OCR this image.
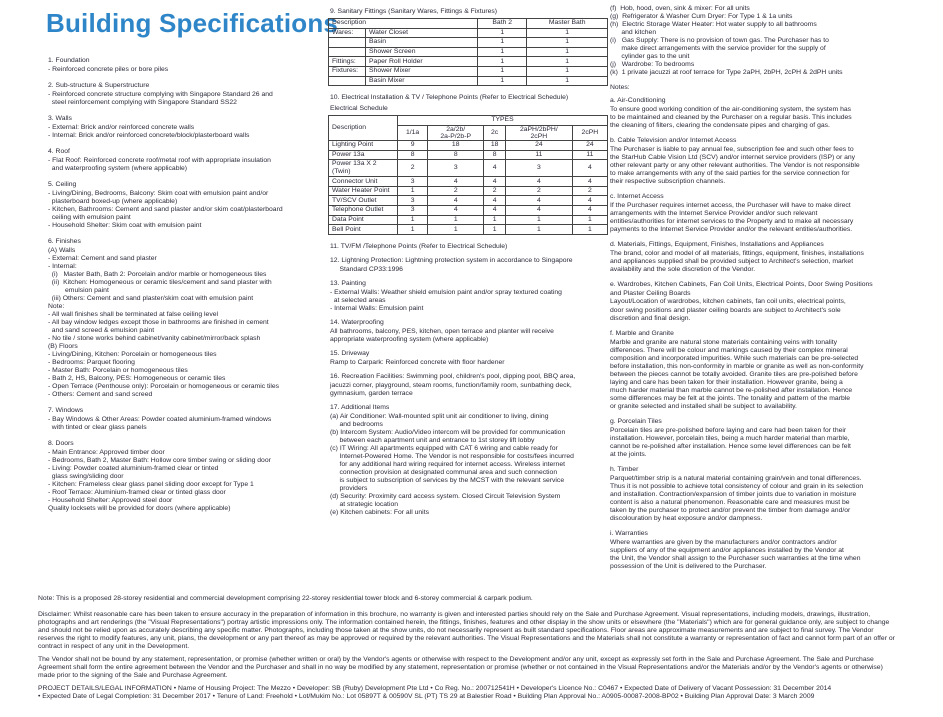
Building Specifications
1. Foundation
- Reinforced concrete piles or bore piles
2. Sub-structure & Superstructure
- Reinforced concrete structure complying with Singapore Standard 26 and
steel reinforcement complying with Singapore Standard SS22
3. Walls
- External: Brick and/or reinforced concrete walls
- Internal: Brick and/or reinforced concrete/block/plasterboard walls
4. Roof
- Flat Roof: Reinforced concrete roof/metal roof with appropriate insulation
and waterproofing system (where applicable)
5. Ceiling
- Living/Dining, Bedrooms, Balcony: Skim coat with emulsion paint and/or
plasterboard boxed-up (where applicable)
- Kitchen, Bathrooms: Cement and sand plaster and/or skim coat/plasterboard
ceiling with emulsion paint
- Household Shelter: Skim coat with emulsion paint
6. Finishes
(A) Walls
- External: Cement and sand plaster
- Internal:
(i)   Master Bath, Bath 2: Porcelain and/or marble or homogeneous tiles
(ii)  Kitchen: Homogeneous or ceramic tiles/cement and sand plaster with
emulsion paint
(iii) Others: Cement and sand plaster/skim coat with emulsion paint
Note:
- All wall finishes shall be terminated at false ceiling level
- All bay window ledges except those in bathrooms are finished in cement
and sand screed & emulsion paint
- No tile / stone works behind cabinet/vanity cabinet/mirror/back splash
(B) Floors
- Living/Dining, Kitchen: Porcelain or homogeneous tiles
- Bedrooms: Parquet flooring
- Master Bath: Porcelain or homogeneous tiles
- Bath 2, HS, Balcony, PES: Homogeneous or ceramic tiles
- Open Terrace (Penthouse only): Porcelain or homogeneous or ceramic tiles
- Others: Cement and sand screed
7. Windows
- Bay Windows & Other Areas: Powder coated aluminium-framed windows
with tinted or clear glass panels
8. Doors
- Main Entrance: Approved timber door
- Bedrooms, Bath 2, Master Bath: Hollow core timber swing or sliding door
- Living: Powder coated aluminium-framed clear or tinted
glass swing/sliding door
- Kitchen: Frameless clear glass panel sliding door except for Type 1
- Roof Terrace: Aluminium-framed clear or tinted glass door
- Household Shelter: Approved steel door
Quality locksets will be provided for doors (where applicable)
9. Sanitary Fittings (Sanitary Wares, Fittings & Fixtures)
Description		Bath 2	Master Bath
Wares:	Water Closet	1	1
	Basin	1	1
	Shower Screen	1	1
Fittings:	Paper Roll Holder	1	1
Fixtures:	Shower Mixer	1	1
	Basin Mixer	1	1
10. Electrical Installation & TV / Telephone Points (Refer to Electrical Schedule)
Electrical Schedule
Description	TYPES				
	1/1a	2a/2b/
2a-P/2b-P	2c	2aPH/2bPH/
2cPH	2cPH
Lighting Point	9	18	18	24	24
Power 13a	8	8	8	11	11
Power 13a X 2 (Twin)	2	3	4	3	4
Connector Unit	3	4	4	4	4
Water Heater Point	1	2	2	2	2
TV/SCV Outlet	3	4	4	4	4
Telephone Outlet	3	4	4	4	4
Data Point	1	1	1	1	1
Bell Point	1	1	1	1	1
11. TV/FM /Telephone Points (Refer to Electrical Schedule)
12. Lightning Protection: Lightning protection system in accordance to Singapore
Standard CP33:1996
13. Painting
- External Walls: Weather shield emulsion paint and/or spray textured coating
at selected areas
- Internal Walls: Emulsion paint
14. Waterproofing
All bathrooms, balcony, PES, kitchen, open terrace and planter will receive
appropriate waterproofing system (where applicable)
15. Driveway
Ramp to Carpark: Reinforced concrete with floor hardener
16. Recreation Facilities: Swimming pool, children's pool, dipping pool, BBQ area,
jacuzzi corner, playground, steam rooms, function/family room, sunbathing deck,
gymnasium, garden terrace
17. Additional Items
(a) Air Conditioner: Wall-mounted split unit air conditioner to living, dining
and bedrooms
(b) Intercom System: Audio/Video intercom will be provided for communication
between each apartment unit and entrance to 1st storey lift lobby
(c) IT Wiring: All apartments equipped with CAT 6 wiring and cable ready for
Internet-Powered Home. The Vendor is not responsible for costs/fees incurred
for any additional hard wiring required for internet access. Wireless internet
connection provision at designated communal area and such connection
is subject to subscription of services by the MCST with the relevant service
providers
(d) Security: Proximity card access system. Closed Circuit Television System
at strategic location
(e) Kitchen cabinets: For all units
(f)  Hob, hood, oven, sink & mixer: For all units
(g)  Refrigerator & Washer Cum Dryer: For Type 1 & 1a units
(h)  Electric Storage Water Heater: Hot water supply to all bathrooms
and kitchen
(i)   Gas Supply: There is no provision of town gas. The Purchaser has to
make direct arrangements with the service provider for the supply of
cylinder gas to the unit
(j)   Wardrobe: To bedrooms
(k)  1 private jacuzzi at roof terrace for Type 2aPH, 2bPH, 2cPH & 2dPH units
Notes:
a. Air-Conditioning
To ensure good working condition of the air-conditioning system, the system has
to be maintained and cleaned by the Purchaser on a regular basis. This includes
the cleaning of filters, clearing the condensate pipes and charging of gas.
b. Cable Television and/or Internet Access
The Purchaser is liable to pay annual fee, subscription fee and such other fees to
the StarHub Cable Vision Ltd (SCV) and/or internet service providers (ISP) or any
other relevant party or any other relevant authorities. The Vendor is not responsible
to make arrangements with any of the said parties for the service connection for
their respective subscription channels.
c. Internet Access
If the Purchaser requires internet access, the Purchaser will have to make direct
arrangements with the Internet Service Provider and/or such relevant
entities/authorities for internet services to the Property and to make all necessary
payments to the Internet Service Provider and/or the relevant entities/authorities.
d. Materials, Fittings, Equipment, Finishes, Installations and Appliances
The brand, color and model of all materials, fittings, equipment, finishes, installations
and appliances supplied shall be provided subject to Architect's selection, market
availability and the sole discretion of the Vendor.
e. Wardrobes, Kitchen Cabinets, Fan Coil Units, Electrical Points, Door Swing Positions
and Plaster Ceiling Boards
Layout/Location of wardrobes, kitchen cabinets, fan coil units, electrical points,
door swing positions and plaster ceiling boards are subject to Architect's sole
discretion and final design.
f. Marble and Granite
Marble and granite are natural stone materials containing veins with tonality
differences. There will be colour and markings caused by their complex mineral
composition and incorporated impurities. While such materials can be pre-selected
before installation, this non-conformity in marble or granite as well as non-conformity
between the pieces cannot be totally avoided. Granite tiles are pre-polished before
laying and care has been taken for their installation. However granite, being a
much harder material than marble cannot be re-polished after installation. Hence
some differences may be felt at the joints. The tonality and pattern of the marble
or granite selected and installed shall be subject to availability.
g. Porcelain Tiles
Porcelain tiles are pre-polished before laying and care had been taken for their
installation. However, porcelain tiles, being a much harder material than marble,
cannot be re-polished after installation. Hence some level differences can be felt
at the joints.
h. Timber
Parquet/timber strip is a natural material containing grain/vein and tonal differences.
Thus it is not possible to achieve total consistency of colour and grain in its selection
and installation. Contraction/expansion of timber joints due to variation in moisture
content is also a natural phenomenon. Reasonable care and measures must be
taken by the purchaser to protect and/or prevent the timber from damage and/or
discolouration by heat exposure and/or dampness.
i. Warranties
Where warranties are given by the manufacturers and/or contractors and/or
suppliers of any of the equipment and/or appliances installed by the Vendor at
the Unit, the Vendor shall assign to the Purchaser such warranties at the time when
possession of the Unit is delivered to the Purchaser.

Note: This is a proposed 28-storey residential and commercial development comprising 22-storey residential tower block and 6-storey commercial & carpark podium.

Disclaimer: Whilst reasonable care has been taken to ensure accuracy in the preparation of information in this brochure, no warranty is given and interested parties should rely on the Sale and Purchase Agreement. Visual representations, including models, drawings, illustration, photographs and art renderings (the "Visual Representations") portray artistic impressions only. The information contained herein, the fittings, finishes, features and other display in the show units or elsewhere (the "Materials") which are for general guidance only, are subject to change and should not be relied upon as accurately describing any specific matter. Photographs, including those taken at the show units, do not necessarily represent as built standard specifications. Floor areas are approximate measurements and are subject to final survey. The Vendor reserves the right to modify features, any unit, plans, the development or any part thereof as may be approved or required by the relevant authorities. The Visual Representations and the Materials shall not constitute a warranty or representation of fact and cannot form part of an offer or contract in respect of any unit in the Development.

The Vendor shall not be bound by any statement, representation, or promise (whether written or oral) by the Vendor's agents or otherwise with respect to the Development and/or any unit, except as expressly set forth in the Sale and Purchase Agreement. The Sale and Purchase Agreement shall form the entire agreement between the Vendor and the Purchaser and shall in no way be modified by any statement, representation or promise (whether or not contained in the Visual Representations and/or the Materials and/or by the Vendor's agents or otherwise) made prior to the signing of the Sale and Purchase Agreement.

PROJECT DETAILS/LEGAL INFORMATION • Name of Housing Project: The Mezzo • Developer: SB (Ruby) Development Pte Ltd • Co Reg. No.: 200712541H • Developer's Licence No.: C0467 • Expected Date of Delivery of Vacant Possession: 31 December 2014

• Expected Date of Legal Completion: 31 December 2017 • Tenure of Land: Freehold • Lot/Mukim No.: Lot 05897T & 00590V SL (PT) TS 29 at Balestier Road • Building Plan Approval No.: A0905-00087-2008-BP02 • Building Plan Approval Date: 3 March 2009
